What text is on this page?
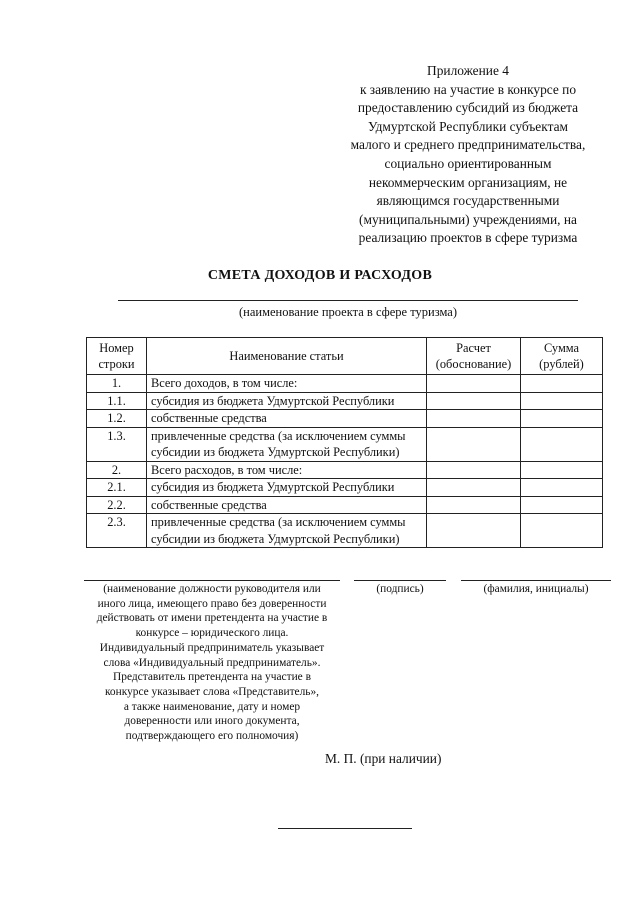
Приложение 4
к заявлению на участие в конкурсе по
предоставлению субсидий из бюджета
Удмуртской Республики субъектам
малого и среднего предпринимательства,
социально ориентированным
некоммерческим организациям, не
являющимся государственными
(муниципальными) учреждениями, на
реализацию проектов в сфере туризма
СМЕТА ДОХОДОВ И РАСХОДОВ
(наименование проекта в сфере туризма)
Номер строки	Наименование статьи	Расчет (обоснование)	Сумма (рублей)
1.	Всего доходов, в том числе:		
1.1.	субсидия из бюджета Удмуртской Республики		
1.2.	собственные средства		
1.3.	привлеченные средства (за исключением суммы субсидии из бюджета Удмуртской Республики)		
2.	Всего расходов, в том числе:		
2.1.	субсидия из бюджета Удмуртской Республики		
2.2.	собственные средства		
2.3.	привлеченные средства (за исключением суммы субсидии из бюджета Удмуртской Республики)		
(наименование должности руководителя или
иного лица, имеющего право без доверенности
действовать от имени претендента на участие в
конкурсе – юридического лица.
Индивидуальный предприниматель указывает
слова «Индивидуальный предприниматель».
Представитель претендента на участие в
конкурсе указывает слова «Представитель»,
а также наименование, дату и номер
доверенности или иного документа,
подтверждающего его полномочия)
(подпись)	(фамилия, инициалы)
М. П. (при наличии)
